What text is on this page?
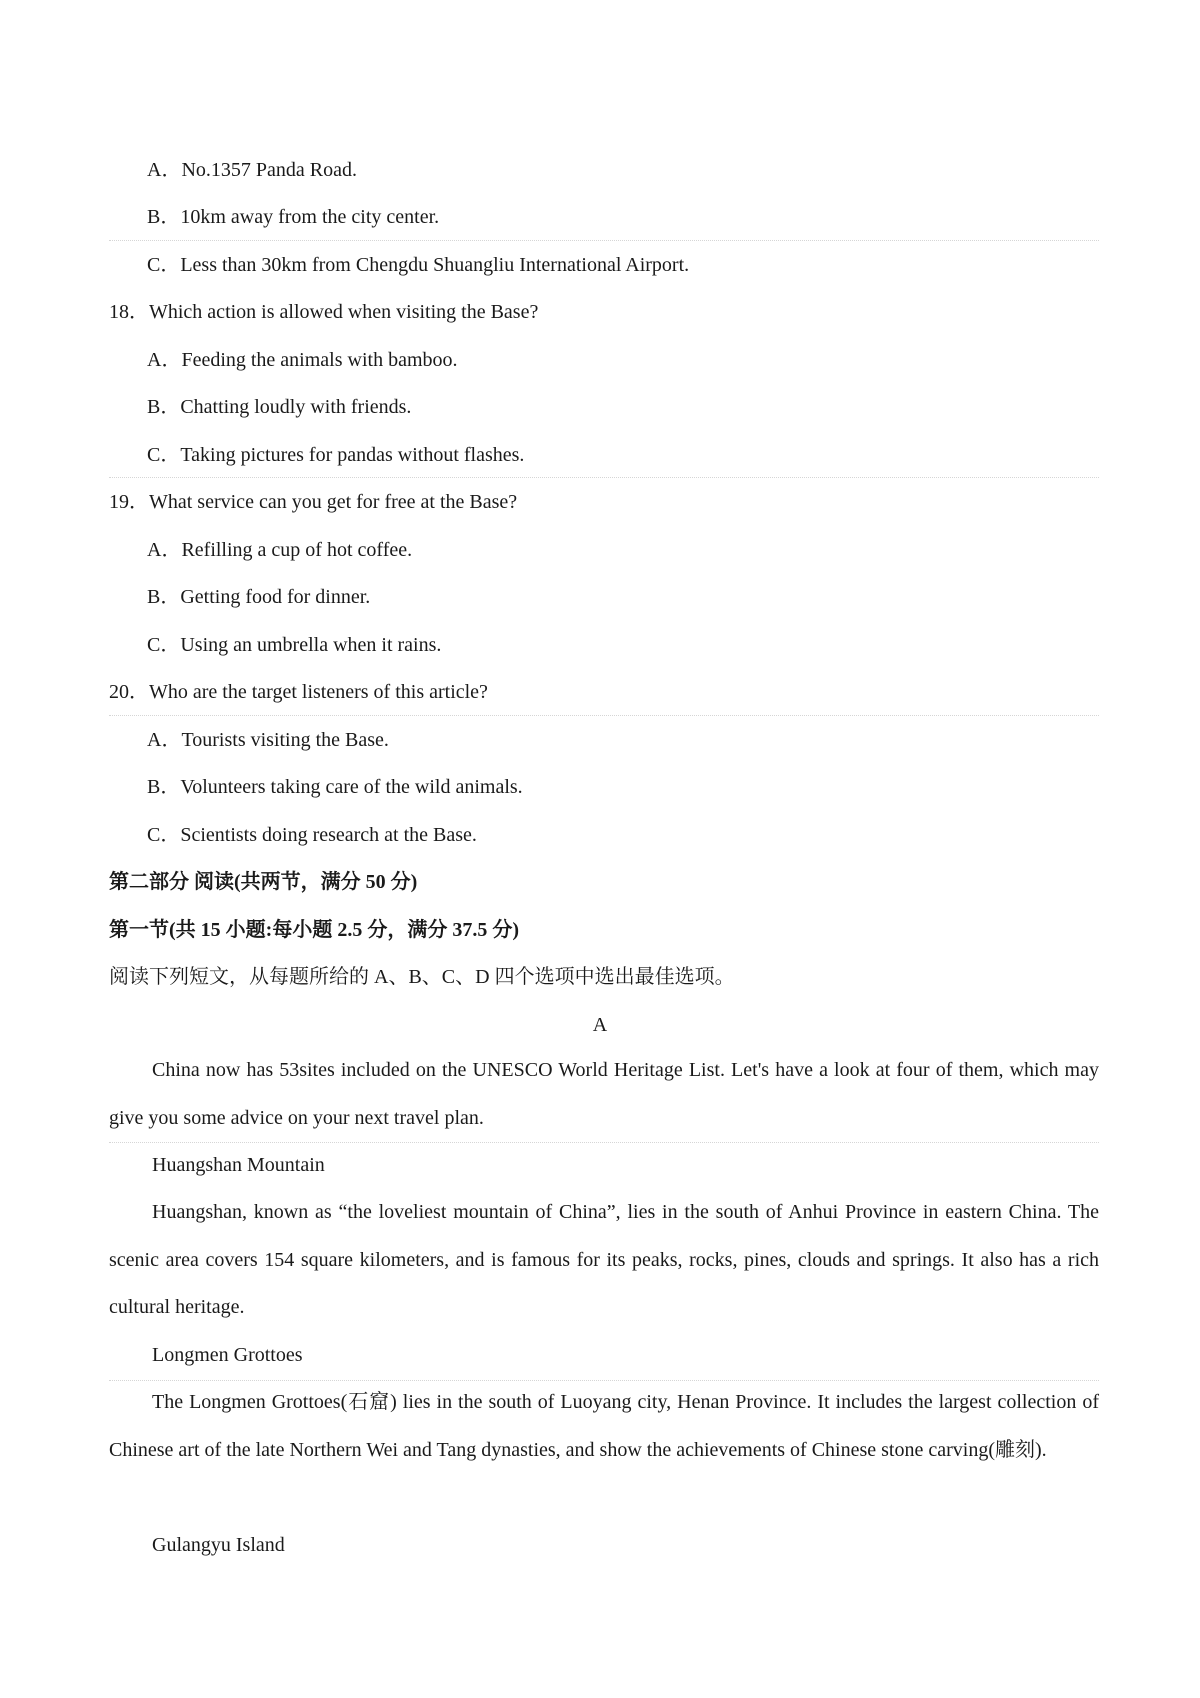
A．No.1357 Panda Road.
B．10km away from the city center.
C．Less than 30km from Chengdu Shuangliu International Airport.
18．Which action is allowed when visiting the Base?
A．Feeding the animals with bamboo.
B．Chatting loudly with friends.
C．Taking pictures for pandas without flashes.
19．What service can you get for free at the Base?
A．Refilling a cup of hot coffee.
B．Getting food for dinner.
C．Using an umbrella when it rains.
20．Who are the target listeners of this article?
A．Tourists visiting the Base.
B．Volunteers taking care of the wild animals.
C．Scientists doing research at the Base.
第二部分 阅读(共两节，满分 50 分)
第一节(共 15 小题:每小题 2.5 分，满分 37.5 分)
阅读下列短文，从每题所给的 A、B、C、D 四个选项中选出最佳选项。
A
China now has 53sites included on the UNESCO World Heritage List. Let's have a look at four of them, which may give you some advice on your next travel plan.
Huangshan Mountain
Huangshan, known as “the loveliest mountain of China”, lies in the south of Anhui Province in eastern China. The scenic area covers 154 square kilometers, and is famous for its peaks, rocks, pines, clouds and springs. It also has a rich cultural heritage.
Longmen Grottoes
The Longmen Grottoes(石窟) lies in the south of Luoyang city, Henan Province. It includes the largest collection of Chinese art of the late Northern Wei and Tang dynasties, and show the achievements of Chinese stone carving(雕刻).
Gulangyu Island
